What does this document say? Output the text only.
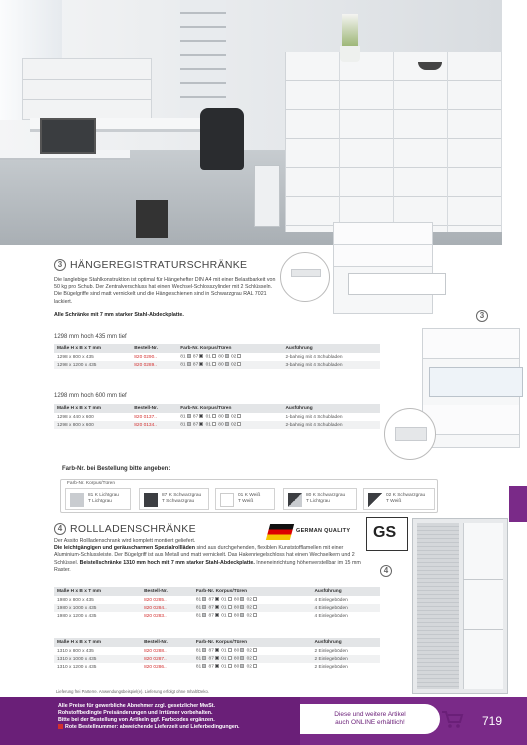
3 HÄNGEREGISTRATURSCHRÄNKE
Die langlebige Stahlkonstruktion ist optimal für Hängehefter DIN A4 mit einer Belastbarkeit von 50 kg pro Schub. Der Zentralverschluss hat einen Wechsel-Schlosszylinder mit 2 Schlüsseln. Die Bügelgriffe sind matt vernickelt und die Hängeschienen sind in Schwarzgrau RAL 7021 lackiert.
Alle Schränke mit 7 mm starker Stahl-Abdeckplatte.
1298 mm hoch 435 mm tief
Maße H x B x T mm	Bestell-Nr.	Farb-Nr. Korpus/Türen	Ausführung
1298 x 800 x 435	820 0290..	81 87 01 80 02	2-bahnig mit 4 Schubladen
1298 x 1200 x 435	820 0289..	81 87 01 80 02	3-bahnig mit 4 Schubladen
1298 mm hoch 600 mm tief
Maße H x B x T mm	Bestell-Nr.	Farb-Nr. Korpus/Türen	Ausführung
1298 x 440 x 600	820 0137..	81 87 01 80 02	1-bahnig mit 4 Schubladen
1298 x 800 x 600	820 0134..	81 87 01 80 02	2-bahnig mit 4 Schubladen
3
Farb-Nr. bei Bestellung bitte angeben:
Farb-Nr. Korpus/Türen
81 K Lichtgrau
T Lichtgrau
87 K Schwarzgrau
T Schwarzgrau
01 K Weiß
T Weiß
80 K Schwarzgrau
T Lichtgrau
02 K Schwarzgrau
T Weiß
GERMAN QUALITY GS
4 ROLLLADENSCHRÄNKE
Der Assito Rollladenschrank wird komplett montiert geliefert.
Die leichtgängigen und geräuscharmen Spezialrollläden sind aus durchgehenden, flexiblen Kunststofflamellen mit einer Aluminium-Schlussleiste. Der Bügelgriff ist aus Metall und matt vernickelt. Das Hakenriegelschloss hat einen Wechselkern und 2 Schlüssel. Beistellschränke 1310 mm hoch mit 7 mm starker Stahl-Abdeckplatte. Inneneinrichtung höhenverstellbar im 15 mm Raster.
Maße H x B x T mm	Bestell-Nr.	Farb-Nr. Korpus/Türen	Ausführung
1980 x 800 x 435	820 0285..	81 87 01 80 02	4 Einlegeböden
1980 x 1000 x 435	820 0284..	81 87 01 80 02	4 Einlegeböden
1980 x 1200 x 435	820 0283..	81 87 01 80 02	4 Einlegeböden
Maße H x B x T mm	Bestell-Nr.	Farb-Nr. Korpus/Türen	Ausführung
1310 x 800 x 435	820 0288..	81 87 01 80 02	2 Einlegeböden
1310 x 1000 x 435	820 0287..	81 87 01 80 02	2 Einlegeböden
1310 x 1200 x 435	820 0286..	81 87 01 80 02	2 Einlegeböden
4
Lieferung frei Parterre. Anwendungsbeispiel(e). Lieferung erfolgt ohne Inhalt/Deko.
Alle Preise für gewerbliche Abnehmer zzgl. gesetzlicher MwSt.
Rohstoffbedingte Preisänderungen und Irrtümer vorbehalten.
Bitte bei der Bestellung von Artikeln ggf. Farbcodes ergänzen.
Rote Bestellnummer: abweichende Lieferzeit und Lieferbedingungen.
Diese und weitere Artikel
auch ONLINE erhältlich!	719
